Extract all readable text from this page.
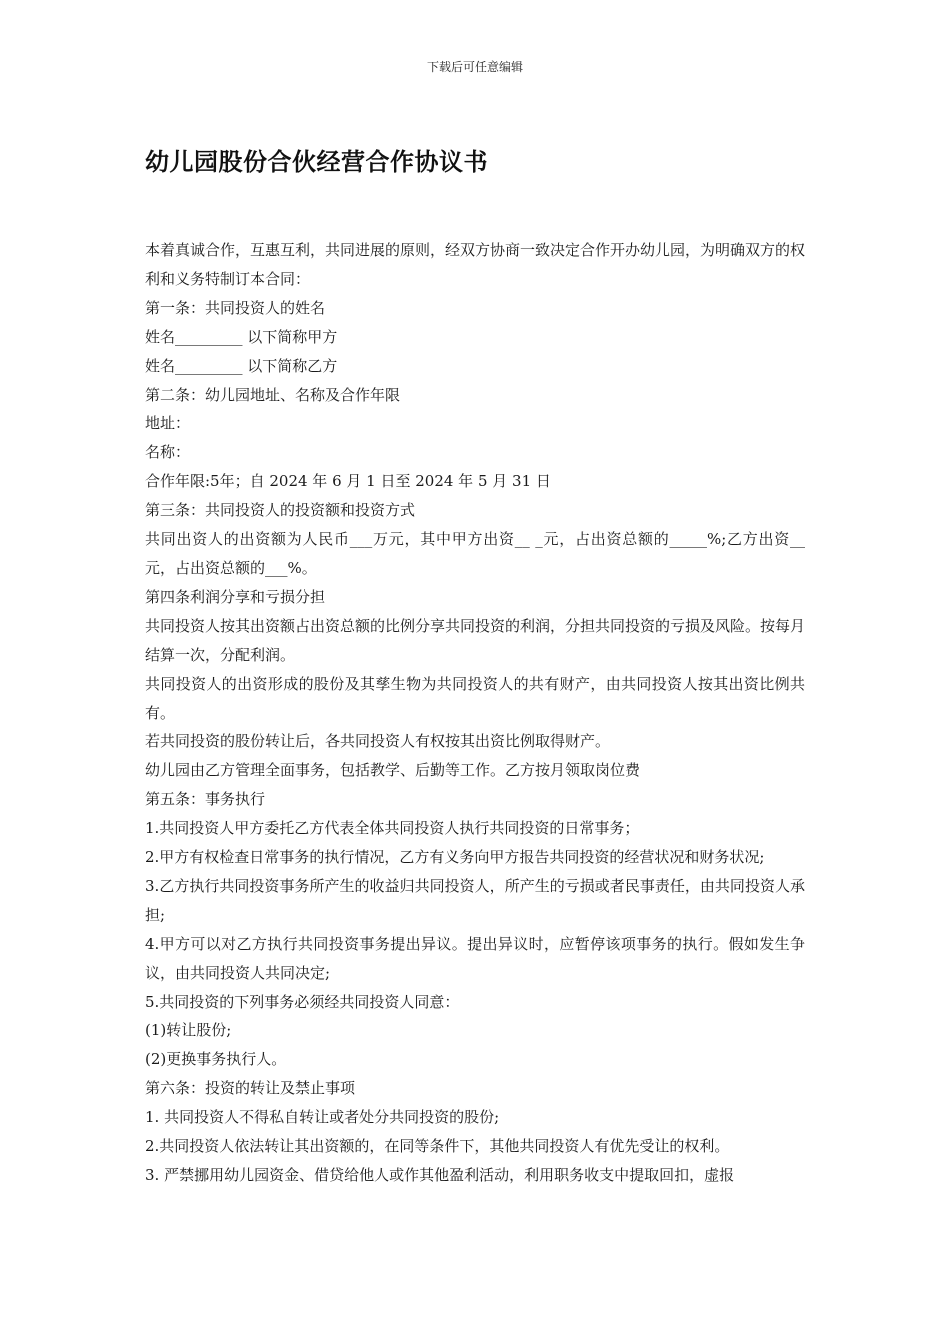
下载后可任意编辑
幼儿园股份合伙经营合作协议书

本着真诚合作，互惠互利，共同进展的原则，经双方协商一致决定合作开办幼儿园，为明确双方的权利和义务特制订本合同：

第一条：共同投资人的姓名

姓名_________ 以下简称甲方

姓名_________ 以下简称乙方

第二条：幼儿园地址、名称及合作年限

地址：

名称：

合作年限:5年；自 2024 年 6 月 1 日至 2024 年 5 月 31 日

第三条：共同投资人的投资额和投资方式

共同出资人的出资额为人民币___万元，其中甲方出资__ _元，占出资总额的_____%;乙方出资__元，占出资总额的___%。

第四条利润分享和亏损分担

共同投资人按其出资额占出资总额的比例分享共同投资的利润，分担共同投资的亏损及风险。按每月结算一次，分配利润。

共同投资人的出资形成的股份及其孳生物为共同投资人的共有财产，由共同投资人按其出资比例共有。

若共同投资的股份转让后，各共同投资人有权按其出资比例取得财产。

幼儿园由乙方管理全面事务，包括教学、后勤等工作。乙方按月领取岗位费

第五条：事务执行

1.共同投资人甲方委托乙方代表全体共同投资人执行共同投资的日常事务；

2.甲方有权检查日常事务的执行情况，乙方有义务向甲方报告共同投资的经营状况和财务状况;

3.乙方执行共同投资事务所产生的收益归共同投资人，所产生的亏损或者民事责任，由共同投资人承担;

4.甲方可以对乙方执行共同投资事务提出异议。提出异议时，应暂停该项事务的执行。假如发生争议，由共同投资人共同决定;

5.共同投资的下列事务必须经共同投资人同意：

(1)转让股份;

(2)更换事务执行人。

第六条：投资的转让及禁止事项

1. 共同投资人不得私自转让或者处分共同投资的股份;

2.共同投资人依法转让其出资额的，在同等条件下，其他共同投资人有优先受让的权利。

3. 严禁挪用幼儿园资金、借贷给他人或作其他盈利活动，利用职务收支中提取回扣，虚报
